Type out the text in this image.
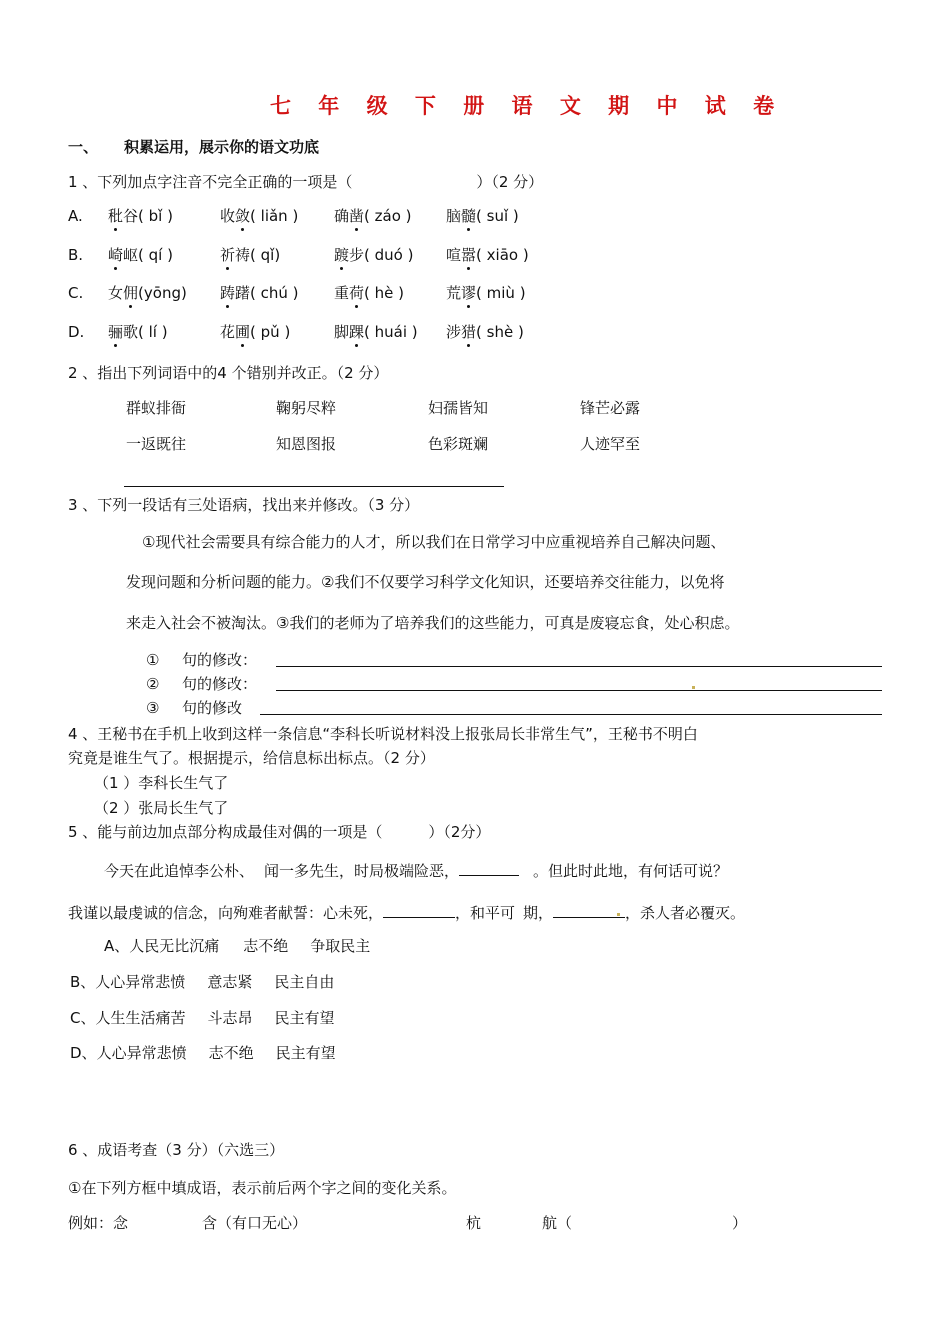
七 年 级 下 册 语 文 期 中 试 卷
一、 积累运用，展示你的语文功底
1 、下列加点字注音不完全正确的一项是（	）（2 分）
A. 秕谷( bǐ )	收敛( liǎn ) 确凿( záo ) 脑髓( suǐ )
B. 崎岖( qí )	祈祷( qǐ)	踱步( duó ) 喧嚣( xiāo )
C. 女佣(yōng) 踌躇( chú ) 重荷( hè )	荒谬( miù )
D. 骊歌( lí )	花圃( pǔ )	脚踝( huái ) 涉猎( shè )
2 、指出下列词语中的4 个错别并改正。（2 分）
群蚁排衙	鞠躬尽粹	妇孺皆知	锋芒必露
一返既往	知恩图报	色彩斑斓	人迹罕至
3 、下列一段话有三处语病，找出来并修改。（3 分）
①现代社会需要具有综合能力的人才，所以我们在日常学习中应重视培养自己解决问题、
发现问题和分析问题的能力。②我们不仅要学习科学文化知识，还要培养交往能力，以免将
来走入社会不被淘汰。③我们的老师为了培养我们的这些能力，可真是废寝忘食，处心积虑。
① 句的修改：
② 句的修改：
③ 句的修改
4 、王秘书在手机上收到这样一条信息“李科长听说材料没上报张局长非常生气”，王秘书不明白
究竟是谁生气了。根据提示，给信息标出标点。（2 分）
（1 ）李科长生气了
（2 ）张局长生气了
5 、能与前边加点部分构成最佳对偶的一项是（	）（2分）
今天在此追悼李公朴、 闻一多先生，时局极端险恶，	。但此时此地，有何话可说？
我谨以最虔诚的信念，向殉难者献誓：心未死，	，和平可 期，	，杀人者必覆灭。
A、人民无比沉痛 志不绝 争取民主
B、人心异常悲愤 意志紧 民主自由
C、人生生活痛苦 斗志昂 民主有望
D、人心异常悲愤 志不绝 民主有望
6 、成语考查（3 分）（六选三）
①在下列方框中填成语，表示前后两个字之间的变化关系。
例如：念	含（有口无心）	杭	航（	）
